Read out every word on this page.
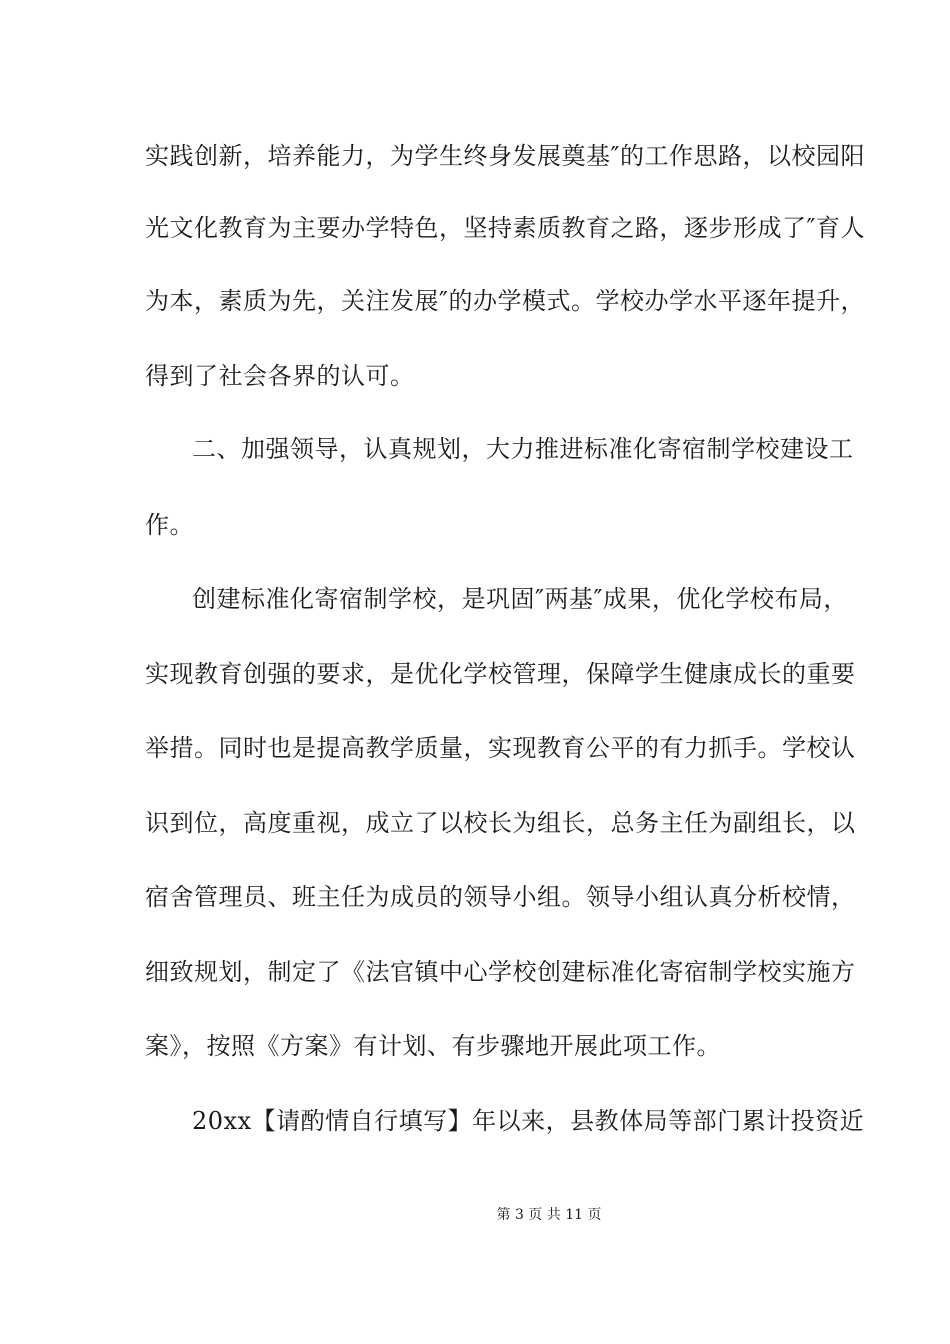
实践创新，培养能力，为学生终身发展奠基″的工作思路，以校园阳
光文化教育为主要办学特色，坚持素质教育之路，逐步形成了″育人
为本，素质为先，关注发展″的办学模式。学校办学水平逐年提升，
得到了社会各界的认可。
二、加强领导，认真规划，大力推进标准化寄宿制学校建设工
作。
创建标准化寄宿制学校，是巩固″两基″成果，优化学校布局，
实现教育创强的要求，是优化学校管理，保障学生健康成长的重要
举措。同时也是提高教学质量，实现教育公平的有力抓手。学校认
识到位，高度重视，成立了以校长为组长，总务主任为副组长，以
宿舍管理员、班主任为成员的领导小组。领导小组认真分析校情，
细致规划，制定了《法官镇中心学校创建标准化寄宿制学校实施方
案》，按照《方案》有计划、有步骤地开展此项工作。
20xx【请酌情自行填写】年以来，县教体局等部门累计投资近
第 3 页 共 11 页
